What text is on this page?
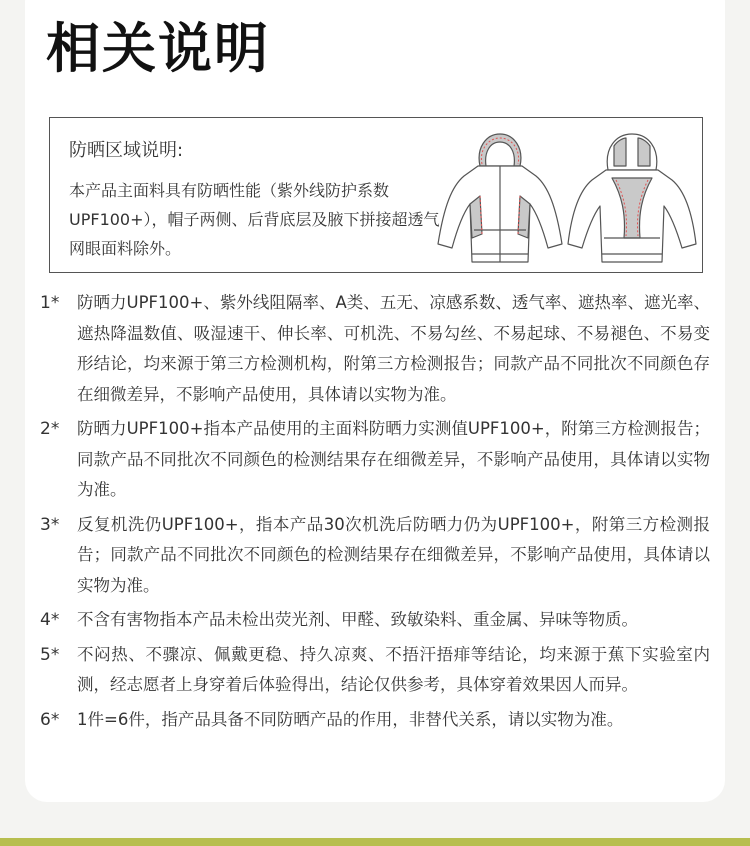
相关说明
防晒区域说明:
本产品主面料具有防晒性能（紫外线防护系数UPF100+），帽子两侧、后背底层及腋下拼接超透气网眼面料除外。
1*	防晒力UPF100+、紫外线阻隔率、A类、五无、凉感系数、透气率、遮热率、遮光率、遮热降温数值、吸湿速干、伸长率、可机洗、不易勾丝、不易起球、不易褪色、不易变形结论，均来源于第三方检测机构，附第三方检测报告；同款产品不同批次不同颜色存在细微差异，不影响产品使用，具体请以实物为准。
2*	防晒力UPF100+指本产品使用的主面料防晒力实测值UPF100+，附第三方检测报告；同款产品不同批次不同颜色的检测结果存在细微差异，不影响产品使用，具体请以实物为准。
3*	反复机洗仍UPF100+，指本产品30次机洗后防晒力仍为UPF100+，附第三方检测报告；同款产品不同批次不同颜色的检测结果存在细微差异，不影响产品使用，具体请以实物为准。
4*	不含有害物指本产品未检出荧光剂、甲醛、致敏染料、重金属、异味等物质。
5*	不闷热、不骤凉、佩戴更稳、持久凉爽、不捂汗捂痱等结论，均来源于蕉下实验室内测，经志愿者上身穿着后体验得出，结论仅供参考，具体穿着效果因人而异。
6*	1件=6件，指产品具备不同防晒产品的作用，非替代关系，请以实物为准。
